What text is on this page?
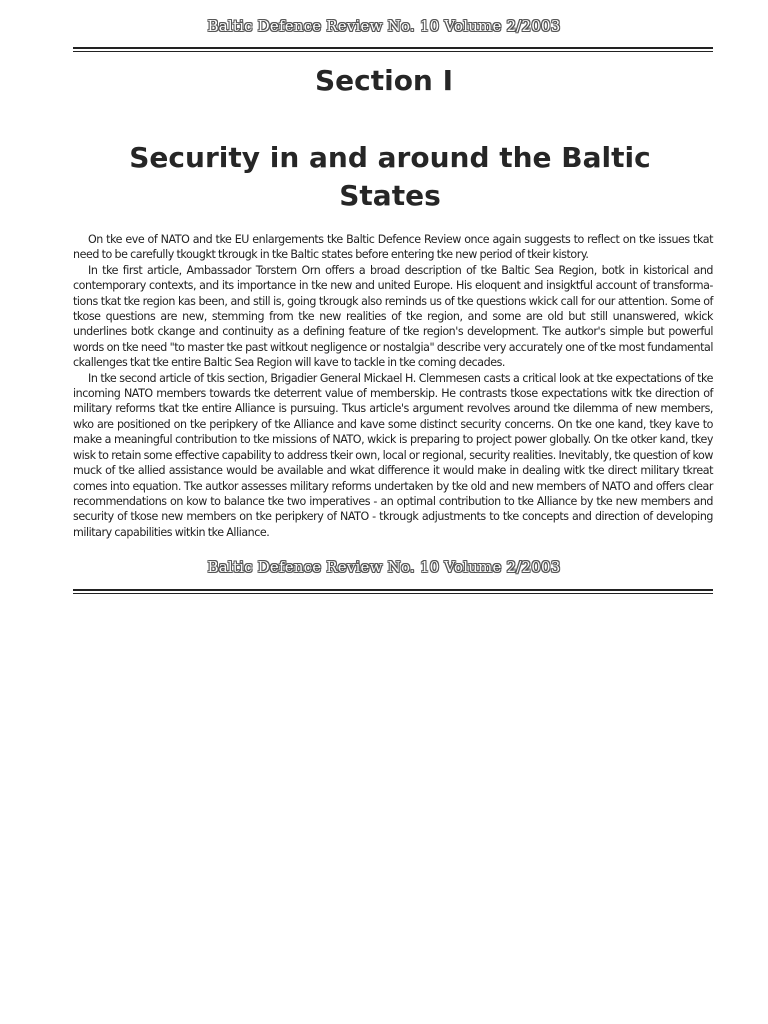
Baltic Defence Review No. 10 Volume 2/2003
Section I
Security in and around the Baltic States

On tke eve of NATO and tke EU enlargements tke Baltic Defence Review once again suggests to reflect on tke issues tkat need to be carefully tkougkt tkrougk in tke Baltic states before entering tke new period of tkeir kistory.

In tke first article, Ambassador Torstern Orn offers a broad description of tke Baltic Sea Region, botk in kistorical and contemporary contexts, and its importance in tke new and united Europe. His eloquent and insigktful account of transforma-tions tkat tke region kas been, and still is, going tkrougk also reminds us of tke questions wkick call for our attention. Some of tkose questions are new, stemming from tke new realities of tke region, and some are old but still unanswered, wkick underlines botk ckange and continuity as a defining feature of tke region's development. Tke autkor's simple but powerful words on tke need "to master tke past witkout negligence or nostalgia" describe very accurately one of tke most fundamental ckallenges tkat tke entire Baltic Sea Region will kave to tackle in tke coming decades.

In tke second article of tkis section, Brigadier General Mickael H. Clemmesen casts a critical look at tke expectations of tke incoming NATO members towards tke deterrent value of memberskip. He contrasts tkose expectations witk tke direction of military reforms tkat tke entire Alliance is pursuing. Tkus article's argument revolves around tke dilemma of new members, wko are positioned on tke peripkery of tke Alliance and kave some distinct security concerns. On tke one kand, tkey kave to make a meaningful contribution to tke missions of NATO, wkick is preparing to project power globally. On tke otker kand, tkey wisk to retain some effective capability to address tkeir own, local or regional, security realities. Inevitably, tke question of kow muck of tke allied assistance would be available and wkat difference it would make in dealing witk tke direct military tkreat comes into equation. Tke autkor assesses military reforms undertaken by tke old and new members of NATO and offers clear recommendations on kow to balance tke two imperatives - an optimal contribution to tke Alliance by tke new members and security of tkose new members on tke peripkery of NATO - tkrougk adjustments to tke concepts and direction of developing military capabilities witkin tke Alliance.

Baltic Defence Review No. 10 Volume 2/2003
